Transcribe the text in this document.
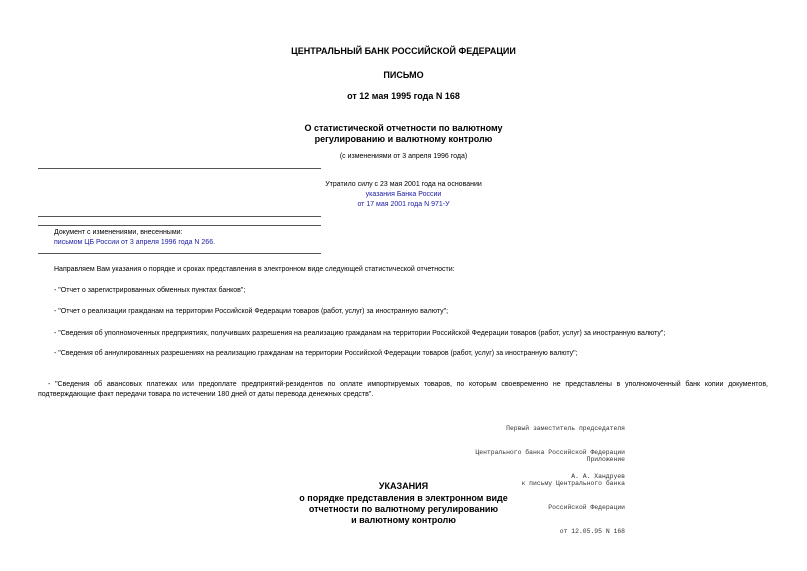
ЦЕНТРАЛЬНЫЙ БАНК РОССИЙСКОЙ ФЕДЕРАЦИИ
ПИСЬМО
от 12 мая 1995 года N 168
О статистической отчетности по валютному
регулированию и валютному контролю
(с изменениями от 3 апреля 1996 года)
Утратило силу с 23 мая 2001 года на основании
указания Банка России
от 17 мая 2001 года N 971-У
Документ с изменениями, внесенными:
письмом ЦБ России от 3 апреля 1996 года N 266.
Направляем Вам указания о порядке и сроках представления в электронном виде следующей статистической отчетности:
- "Отчет о зарегистрированных обменных пунктах банков";
- "Отчет о реализации гражданам на территории Российской Федерации товаров (работ, услуг) за иностранную валюту";
- "Сведения об уполномоченных предприятиях, получивших разрешения на реализацию гражданам на территории Российской Федерации товаров (работ, услуг) за иностранную валюту";
- "Сведения об аннулированных разрешениях на реализацию гражданам на территории Российской Федерации товаров (работ, услуг) за иностранную валюту";
- "Сведения об авансовых платежах или предоплате предприятий-резидентов по оплате импортируемых товаров, по которым своевременно не представлены в уполномоченный банк копии документов, подтверждающие факт передачи товара по истечении 180 дней от даты перевода денежных средств".

Первый заместитель председателя

Центрального банка Российской Федерации

А. А. Хандруев

Приложение

к письму Центрального банка

Российской Федерации

от 12.05.95 N 168

УКАЗАНИЯ
о порядке представления в электронном виде
отчетности по валютному регулированию
и валютному контролю
